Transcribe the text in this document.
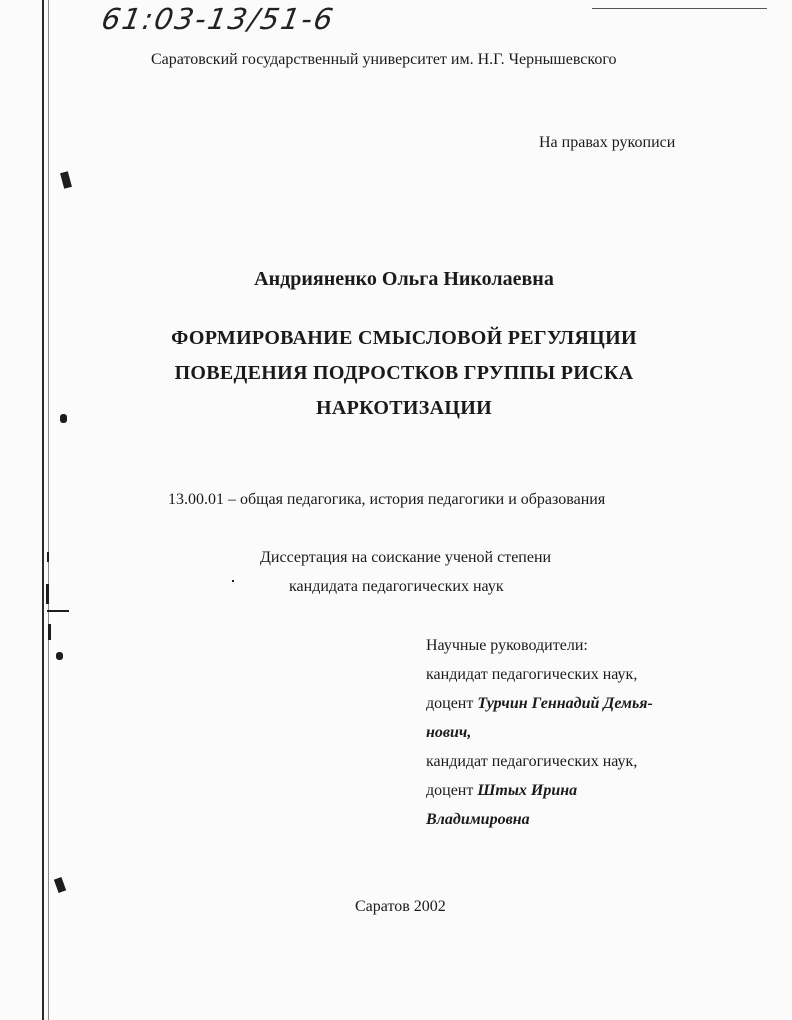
61:03-13/51-6
Саратовский государственный университет им. Н.Г. Чернышевского
На правах рукописи
Андрияненко Ольга Николаевна
ФОРМИРОВАНИЕ СМЫСЛОВОЙ РЕГУЛЯЦИИ
ПОВЕДЕНИЯ ПОДРОСТКОВ ГРУППЫ РИСКА
НАРКОТИЗАЦИИ
13.00.01 – общая педагогика, история педагогики и образования
Диссертация на соискание ученой степени
кандидата педагогических наук
Научные руководители:
кандидат педагогических наук,
доцент Турчин Геннадий Демья-
нович,
кандидат педагогических наук,
доцент Штых Ирина
Владимировна
Саратов 2002
